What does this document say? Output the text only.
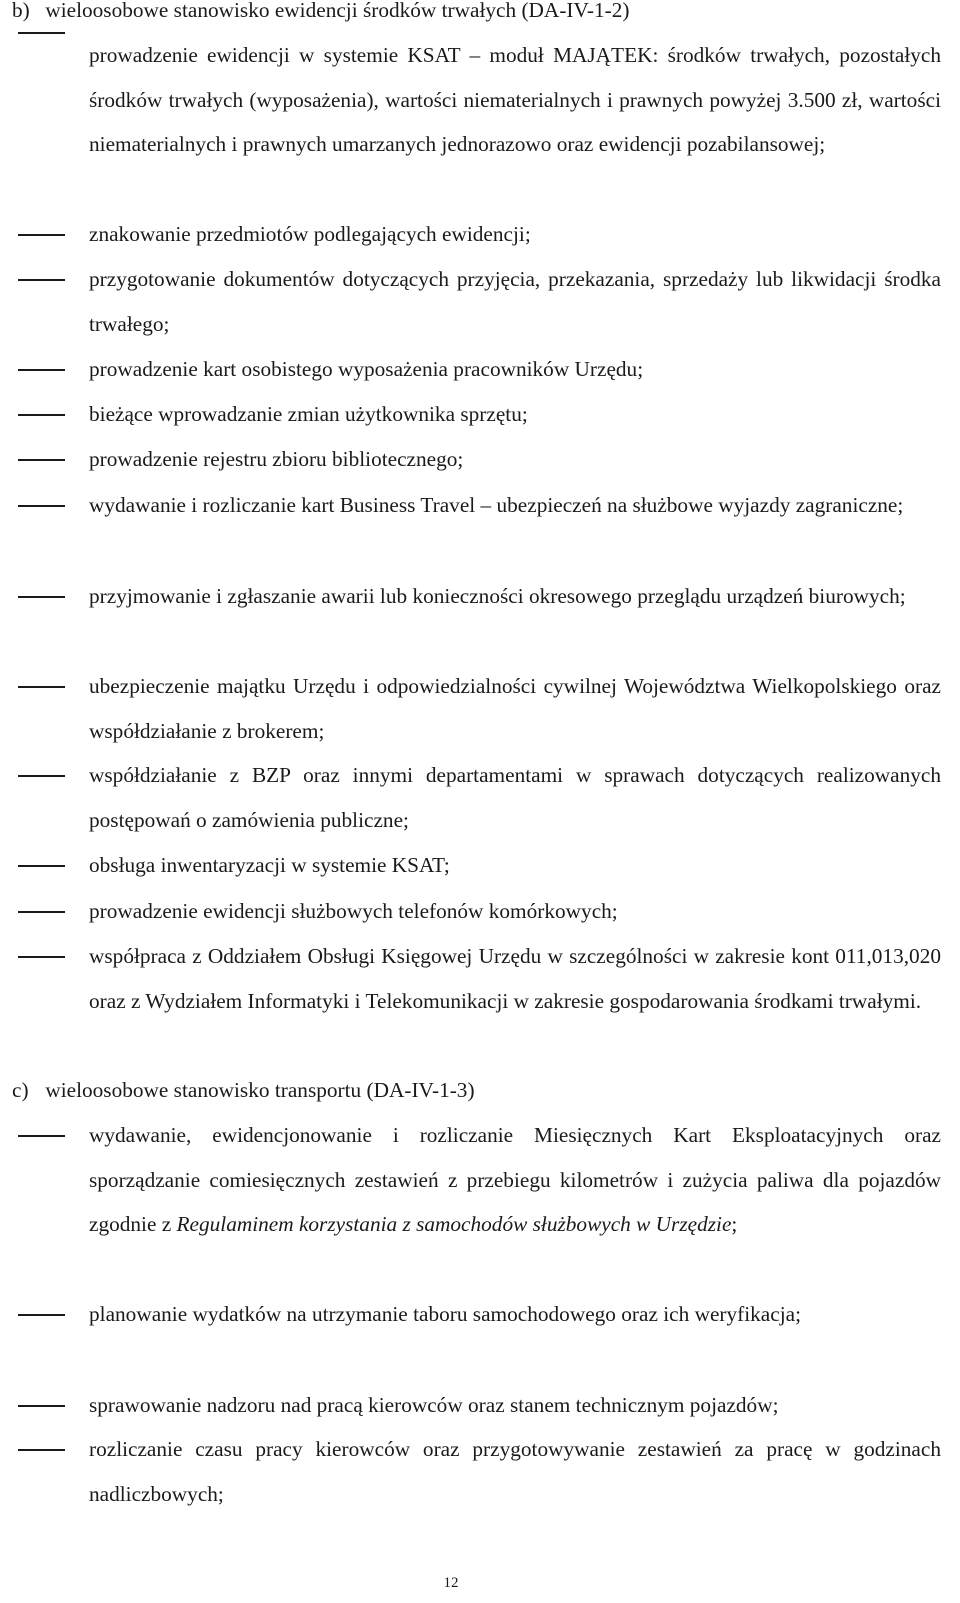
b) wieloosobowe stanowisko ewidencji środków trwałych (DA-IV-1-2)
prowadzenie ewidencji w systemie KSAT – moduł MAJĄTEK: środków trwałych, pozostałych środków trwałych (wyposażenia), wartości niematerialnych i prawnych powyżej 3.500 zł, wartości niematerialnych i prawnych umarzanych jednorazowo oraz ewidencji pozabilansowej;
znakowanie przedmiotów podlegających ewidencji;
przygotowanie dokumentów dotyczących przyjęcia, przekazania, sprzedaży lub likwidacji środka trwałego;
prowadzenie kart osobistego wyposażenia pracowników Urzędu;
bieżące wprowadzanie zmian użytkownika sprzętu;
prowadzenie rejestru zbioru bibliotecznego;
wydawanie i rozliczanie kart Business Travel – ubezpieczeń na służbowe wyjazdy zagraniczne;
przyjmowanie i zgłaszanie awarii lub konieczności okresowego przeglądu urządzeń biurowych;
ubezpieczenie majątku Urzędu i odpowiedzialności cywilnej Województwa Wielkopolskiego oraz współdziałanie z brokerem;
współdziałanie z BZP oraz innymi departamentami w sprawach dotyczących realizowanych postępowań o zamówienia publiczne;
obsługa inwentaryzacji w systemie KSAT;
prowadzenie ewidencji służbowych telefonów komórkowych;
współpraca z Oddziałem Obsługi Księgowej Urzędu w szczególności w zakresie kont 011,013,020 oraz z Wydziałem Informatyki i Telekomunikacji w zakresie gospodarowania środkami trwałymi.
c) wieloosobowe stanowisko transportu (DA-IV-1-3)
wydawanie, ewidencjonowanie i rozliczanie Miesięcznych Kart Eksploatacyjnych oraz sporządzanie comiesięcznych zestawień z przebiegu kilometrów i zużycia paliwa dla pojazdów zgodnie z Regulaminem korzystania z samochodów służbowych w Urzędzie;
planowanie wydatków na utrzymanie taboru samochodowego oraz ich weryfikacja;
sprawowanie nadzoru nad pracą kierowców oraz stanem technicznym pojazdów;
rozliczanie czasu pracy kierowców oraz przygotowywanie zestawień za pracę w godzinach nadliczbowych;
12
